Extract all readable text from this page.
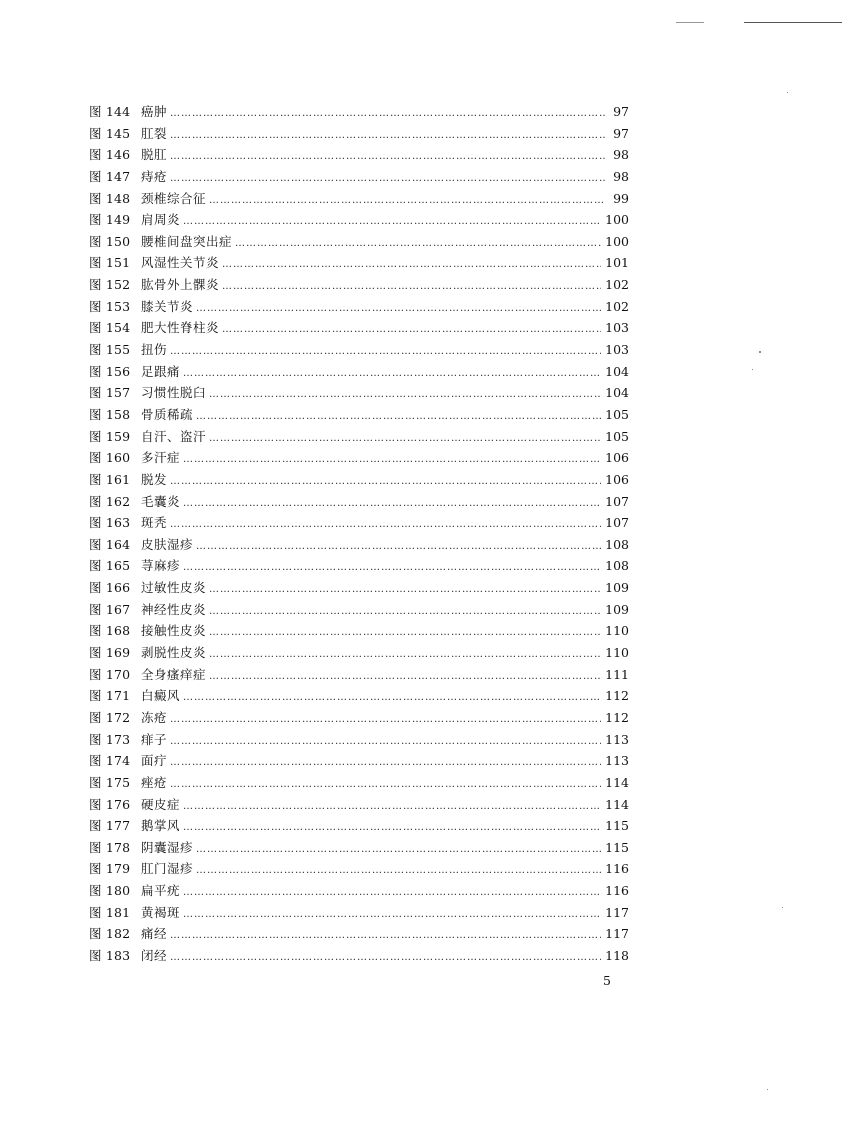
图 144 癌肿 ……………………………………………………………………………………………………………………………………………………………………	97
图 145 肛裂 ……………………………………………………………………………………………………………………………………………………………………	97
图 146 脱肛 ……………………………………………………………………………………………………………………………………………………………………	98
图 147 痔疮 ……………………………………………………………………………………………………………………………………………………………………	98
图 148 颈椎综合征 ……………………………………………………………………………………………………………………………………………………………………	99
图 149 肩周炎 ……………………………………………………………………………………………………………………………………………………………………	100
图 150 腰椎间盘突出症 ……………………………………………………………………………………………………………………………………………………………………	100
图 151 风湿性关节炎 ……………………………………………………………………………………………………………………………………………………………………	101
图 152 肱骨外上髁炎 ……………………………………………………………………………………………………………………………………………………………………	102
图 153 膝关节炎 ……………………………………………………………………………………………………………………………………………………………………	102
图 154 肥大性脊柱炎 ……………………………………………………………………………………………………………………………………………………………………	103
图 155 扭伤 ……………………………………………………………………………………………………………………………………………………………………	103
图 156 足跟痛 ……………………………………………………………………………………………………………………………………………………………………	104
图 157 习惯性脱臼 ……………………………………………………………………………………………………………………………………………………………………	104
图 158 骨质稀疏 ……………………………………………………………………………………………………………………………………………………………………	105
图 159 自汗、盗汗 ……………………………………………………………………………………………………………………………………………………………………	105
图 160 多汗症 ……………………………………………………………………………………………………………………………………………………………………	106
图 161 脱发 ……………………………………………………………………………………………………………………………………………………………………	106
图 162 毛囊炎 ……………………………………………………………………………………………………………………………………………………………………	107
图 163 斑秃 ……………………………………………………………………………………………………………………………………………………………………	107
图 164 皮肤湿疹 ……………………………………………………………………………………………………………………………………………………………………	108
图 165 荨麻疹 ……………………………………………………………………………………………………………………………………………………………………	108
图 166 过敏性皮炎 ……………………………………………………………………………………………………………………………………………………………………	109
图 167 神经性皮炎 ……………………………………………………………………………………………………………………………………………………………………	109
图 168 接触性皮炎 ……………………………………………………………………………………………………………………………………………………………………	110
图 169 剥脱性皮炎 ……………………………………………………………………………………………………………………………………………………………………	110
图 170 全身瘙痒症 ……………………………………………………………………………………………………………………………………………………………………	111
图 171 白癜风 ……………………………………………………………………………………………………………………………………………………………………	112
图 172 冻疮 ……………………………………………………………………………………………………………………………………………………………………	112
图 173 痱子 ……………………………………………………………………………………………………………………………………………………………………	113
图 174 面疔 ……………………………………………………………………………………………………………………………………………………………………	113
图 175 痤疮 ……………………………………………………………………………………………………………………………………………………………………	114
图 176 硬皮症 ……………………………………………………………………………………………………………………………………………………………………	114
图 177 鹅掌风 ……………………………………………………………………………………………………………………………………………………………………	115
图 178 阴囊湿疹 ……………………………………………………………………………………………………………………………………………………………………	115
图 179 肛门湿疹 ……………………………………………………………………………………………………………………………………………………………………	116
图 180 扁平疣 ……………………………………………………………………………………………………………………………………………………………………	116
图 181 黄褐斑 ……………………………………………………………………………………………………………………………………………………………………	117
图 182 痛经 ……………………………………………………………………………………………………………………………………………………………………	117
图 183 闭经 ……………………………………………………………………………………………………………………………………………………………………	118
5
